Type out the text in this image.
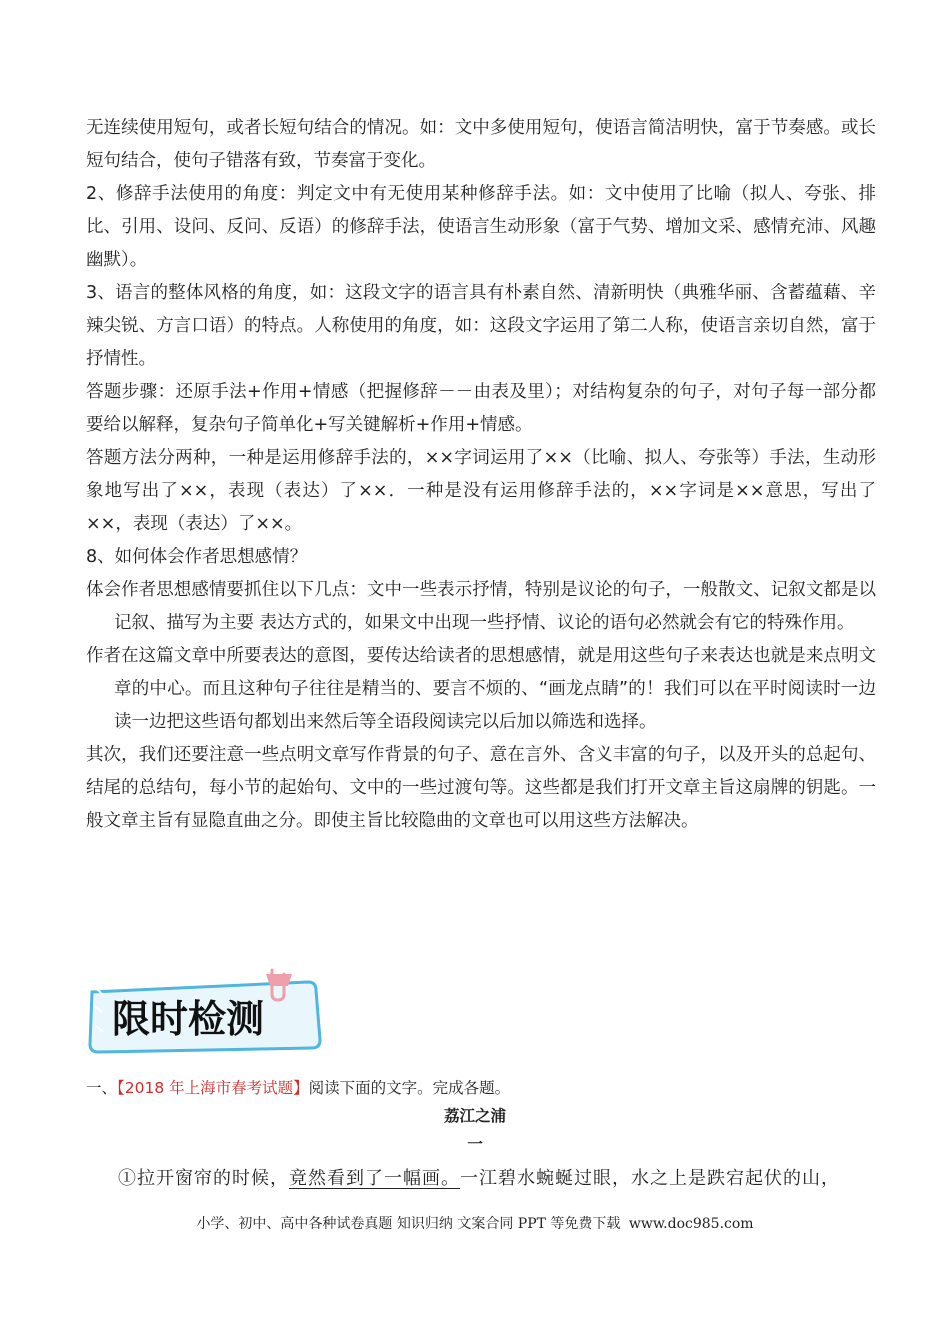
无连续使用短句，或者长短句结合的情况。如：文中多使用短句，使语言简洁明快，富于节奏感。或长短句结合，使句子错落有致，节奏富于变化。

2、修辞手法使用的角度：判定文中有无使用某种修辞手法。如：文中使用了比喻（拟人、夸张、排比、引用、设问、反问、反语）的修辞手法，使语言生动形象（富于气势、增加文采、感情充沛、风趣幽默）。

3、语言的整体风格的角度，如：这段文字的语言具有朴素自然、清新明快（典雅华丽、含蓄蕴藉、辛辣尖锐、方言口语）的特点。人称使用的角度，如：这段文字运用了第二人称，使语言亲切自然，富于抒情性。

答题步骤：还原手法+作用+情感（把握修辞－－由表及里）；对结构复杂的句子，对句子每一部分都要给以解释，复杂句子简单化+写关键解析+作用+情感。

答题方法分两种，一种是运用修辞手法的，××字词运用了××（比喻、拟人、夸张等）手法，生动形象地写出了××，表现（表达）了××．一种是没有运用修辞手法的，××字词是××意思，写出了××，表现（表达）了××。

8、如何体会作者思想感情？

体会作者思想感情要抓住以下几点：文中一些表示抒情，特别是议论的句子，一般散文、记叙文都是以记叙、描写为主要 表达方式的，如果文中出现一些抒情、议论的语句必然就会有它的特殊作用。

作者在这篇文章中所要表达的意图，要传达给读者的思想感情，就是用这些句子来表达也就是来点明文章的中心。而且这种句子往往是精当的、要言不烦的、“画龙点睛”的！我们可以在平时阅读时一边读一边把这些语句都划出来然后等全语段阅读完以后加以筛选和选择。

其次，我们还要注意一些点明文章写作背景的句子、意在言外、含义丰富的句子，以及开头的总起句、结尾的总结句，每小节的起始句、文中的一些过渡句等。这些都是我们打开文章主旨这扇牌的钥匙。一般文章主旨有显隐直曲之分。即使主旨比较隐曲的文章也可以用这些方法解决。

限时检测
一、【2018 年上海市春考试题】阅读下面的文字。完成各题。
荔江之浦
一
①拉开窗帘的时候，竟然看到了一幅画。一江碧水蜿蜒过眼，水之上是跌宕起伏的山，
小学、初中、高中各种试卷真题 知识归纳 文案合同 PPT 等免费下载 www.doc985.com
